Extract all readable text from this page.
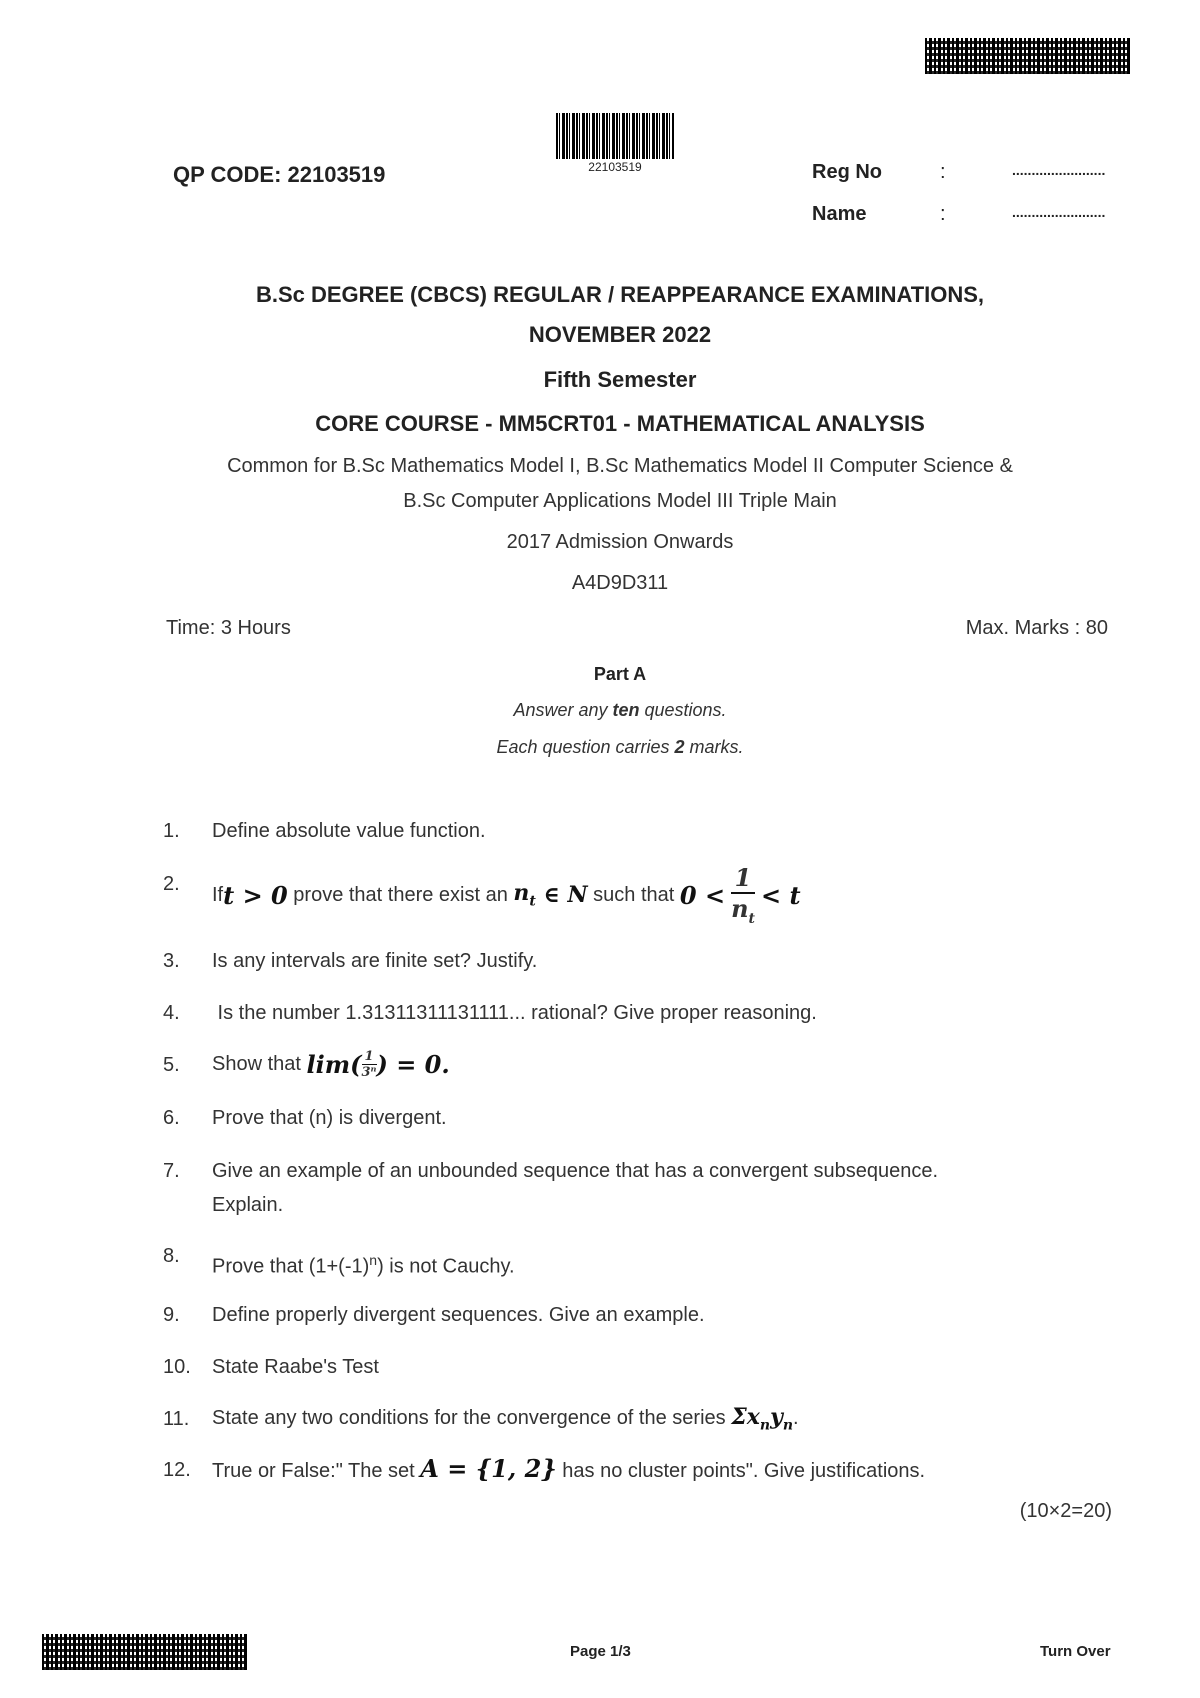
22103519
QP CODE: 22103519	Reg No	:	........................
Name	:	........................
B.Sc DEGREE (CBCS) REGULAR / REAPPEARANCE EXAMINATIONS,
NOVEMBER 2022
Fifth Semester
CORE COURSE - MM5CRT01 - MATHEMATICAL ANALYSIS
Common for B.Sc Mathematics Model I, B.Sc Mathematics Model II Computer Science &
B.Sc Computer Applications Model III Triple Main
2017 Admission Onwards
A4D9D311
Time: 3 Hours	Max. Marks : 80
Part A
Answer any ten questions.
Each question carries 2 marks.
1. Define absolute value function.
2. If t > 0 prove that there exist an $n_t$ ∈ N such that $0 < \frac{1}{n_t} < t$
3. Is any intervals are finite set? Justify.
4. Is the number 1.31311311131111... rational? Give proper reasoning.
5. Show that $\lim( \frac{1}{\text{3ⁿ}}$ ) = 0.
6. Prove that (n) is divergent.
7. Give an example of an unbounded sequence that has a convergent subsequence.
Explain.
8. Prove that $(1+(-1)^n)$ is not Cauchy.
9. Define properly divergent sequences. Give an example.
10. State Raabe's Test
11. State any two conditions for the convergence of the series $\Sigma x_ny_n$.
12. True or False:" The set A = {1, 2} has no cluster points". Give justifications.
(10×2=20)
Page 1/3	Turn Over
